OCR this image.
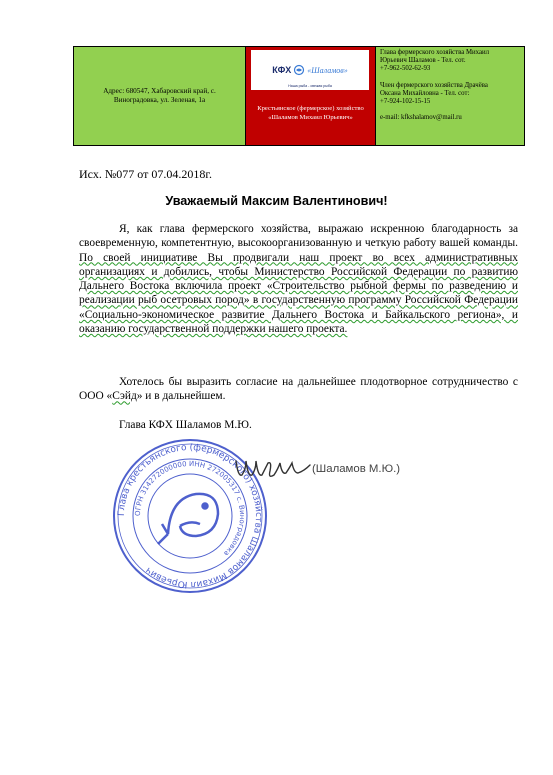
Адрес: 680547, Хабаровский край, с. Виноградовка, ул. Зеленая, 1а
КФХ «Шаламов»
Наша рыба - свежая рыба
Крестьянское (фермерское) хозяйство
«Шаламов Михаил Юрьевич»
Глава фермерского хозяйства Михаил
Юрьевич Шаламов - Тел. сот.
+7-962-502-62-93
Член фермерского хозяйства Драчёва
Оксана Михайловна - Тел. сот:
+7-924-102-15-15
e-mail: kfkshalamov@mail.ru
Исх. №077 от 07.04.2018г.
Уважаемый Максим Валентинович!
Я, как глава фермерского хозяйства, выражаю искренною благодарность за своевременную, компетентную, высокоорганизованную и четкую работу вашей команды. По своей инициативе Вы продвигали наш проект во всех административных организациях и добились, чтобы Министерство Российской Федерации по развитию Дальнего Востока включила проект «Строительство рыбной фермы по разведению и реализации рыб осетровых пород» в государственную программу Российской Федерации «Социально-экономическое развитие Дальнего Востока и Байкальского региона», и оказанию государственной поддержки нашего проекта.
Хотелось бы выразить согласие на дальнейшее плодотворное сотрудничество с ООО «Сэйд» и в дальнейшем.
Глава КФХ Шаламов М.Ю.
Глава крестьянского (фермерского) хозяйства Шаламов Михаил Юрьевич
ОГРН 314272000000 ИНН 272005317 с. Виноградовка
(Шаламов М.Ю.)
